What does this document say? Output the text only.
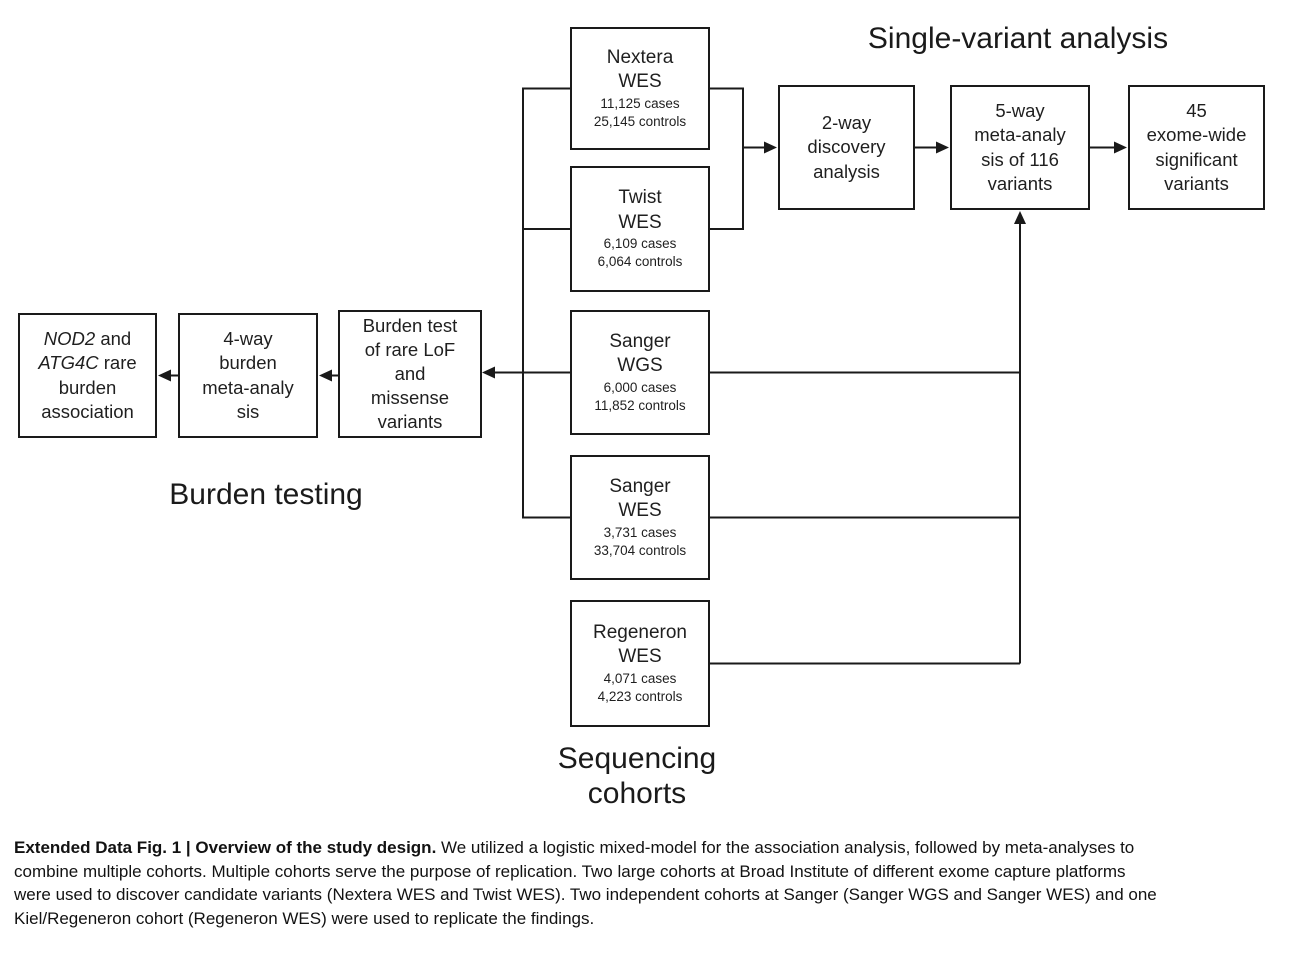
Single-variant analysis
Burden testing
Sequencing
cohorts
Nextera
WES
11,125 cases
25,145 controls
Twist
WES
6,109 cases
6,064 controls
Sanger
WGS
6,000 cases
11,852 controls
Sanger
WES
3,731 cases
33,704 controls
Regeneron
WES
4,071 cases
4,223 controls
2-way
discovery
analysis
5-way
meta-analy
sis of 116
variants
45
exome-wide
significant
variants
NOD2 and
ATG4C rare
burden
association
4-way
burden
meta-analy
sis
Burden test
of rare LoF
and
missense
variants
Extended Data Fig. 1 | Overview of the study design. We utilized a logistic mixed-model for the association analysis, followed by meta-analyses to
combine multiple cohorts. Multiple cohorts serve the purpose of replication. Two large cohorts at Broad Institute of different exome capture platforms
were used to discover candidate variants (Nextera WES and Twist WES). Two independent cohorts at Sanger (Sanger WGS and Sanger WES) and one
Kiel/Regeneron cohort (Regeneron WES) were used to replicate the findings.
